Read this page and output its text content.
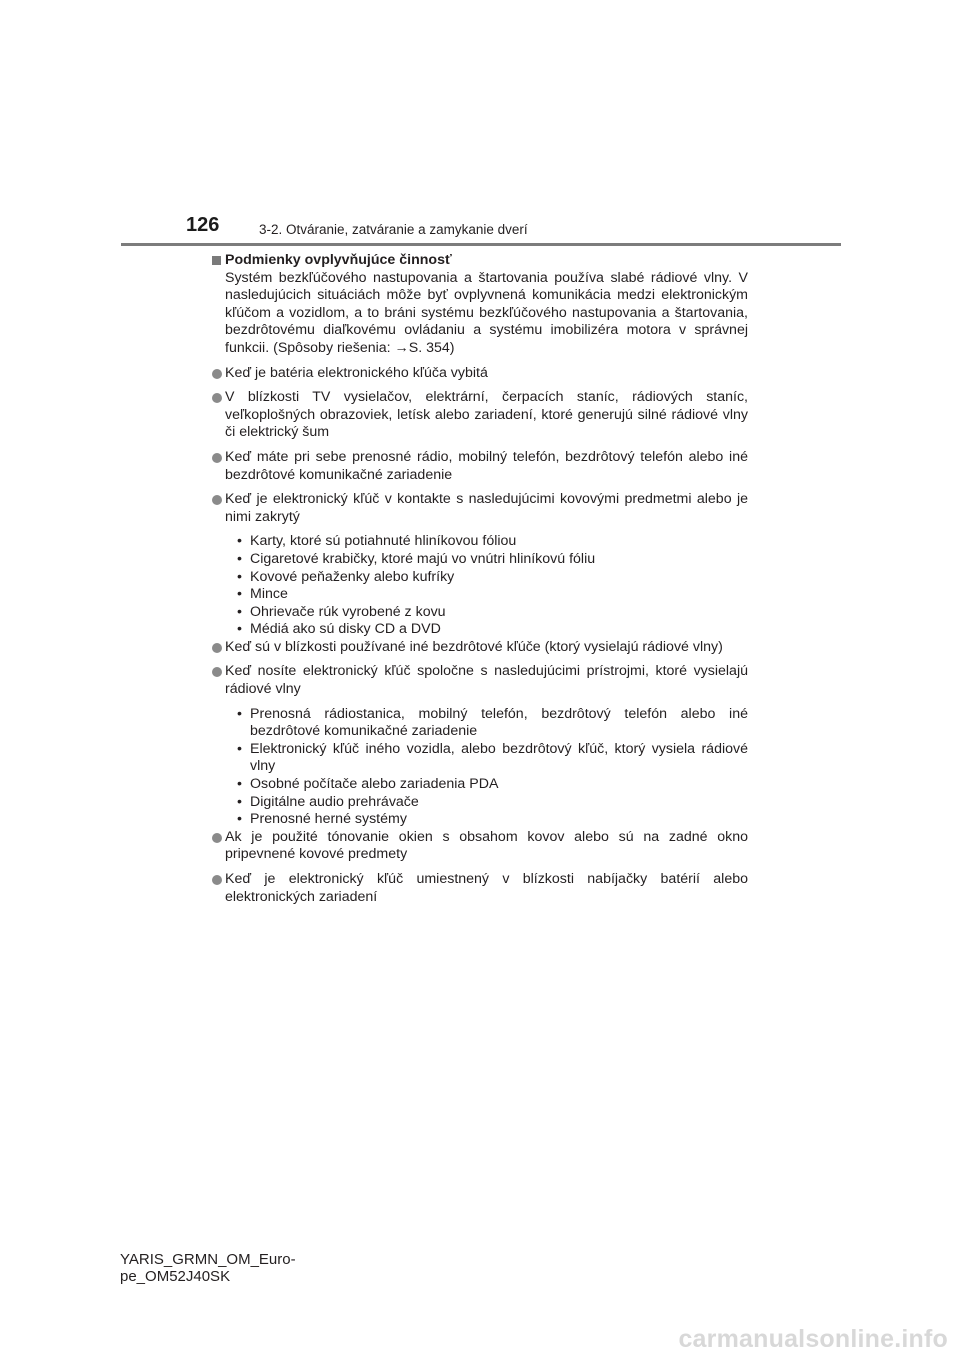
126	3-2. Otváranie, zatváranie a zamykanie dverí
Podmienky ovplyvňujúce činnosť
Systém bezkľúčového nastupovania a štartovania používa slabé rádiové vlny. V nasledujúcich situáciách môže byť ovplyvnená komunikácia medzi elektronickým kľúčom a vozidlom, a to bráni systému bezkľúčového nastupovania a štartovania, bezdrôtovému diaľkovému ovládaniu a systému imobilizéra motora v správnej funkcii. (Spôsoby riešenia: →S. 354)
Keď je batéria elektronického kľúča vybitá
V blízkosti TV vysielačov, elektrární, čerpacích staníc, rádiových staníc, veľkoplošných obrazoviek, letísk alebo zariadení, ktoré generujú silné rádiové vlny či elektrický šum
Keď máte pri sebe prenosné rádio, mobilný telefón, bezdrôtový telefón alebo iné bezdrôtové komunikačné zariadenie
Keď je elektronický kľúč v kontakte s nasledujúcimi kovovými predmetmi alebo je nimi zakrytý
• Karty, ktoré sú potiahnuté hliníkovou fóliou
• Cigaretové krabičky, ktoré majú vo vnútri hliníkovú fóliu
• Kovové peňaženky alebo kufríky
• Mince
• Ohrievače rúk vyrobené z kovu
• Médiá ako sú disky CD a DVD
Keď sú v blízkosti používané iné bezdrôtové kľúče (ktorý vysielajú rádiové vlny)
Keď nosíte elektronický kľúč spoločne s nasledujúcimi prístrojmi, ktoré vysielajú rádiové vlny
• Prenosná rádiostanica, mobilný telefón, bezdrôtový telefón alebo iné bezdrôtové komunikačné zariadenie
• Elektronický kľúč iného vozidla, alebo bezdrôtový kľúč, ktorý vysiela rádiové vlny
• Osobné počítače alebo zariadenia PDA
• Digitálne audio prehrávače
• Prenosné herné systémy
Ak je použité tónovanie okien s obsahom kovov alebo sú na zadné okno pripevnené kovové predmety
Keď je elektronický kľúč umiestnený v blízkosti nabíjačky batérií alebo elektronických zariadení
YARIS_GRMN_OM_Euro-
pe_OM52J40SK
carmanualsonline.info
